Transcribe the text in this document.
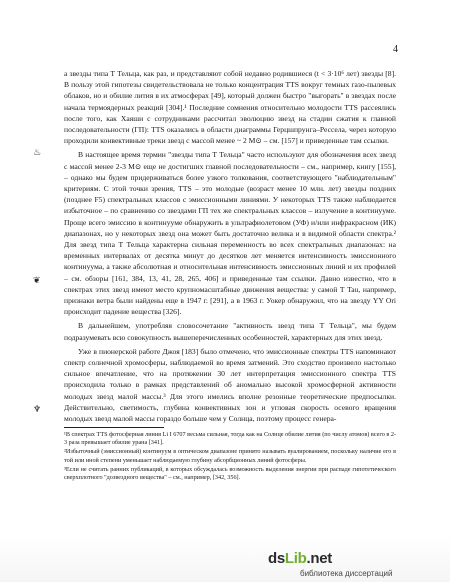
4
♨
❦
♆

а звезды типа Т Тельца, как раз, и представляют собой недавно родившиеся (t < 3·10⁶ лет) звезды [8]. В пользу этой гипотезы свидетельствовала не только концентрация TTS вокруг темных газо-пылевых облаков, но и обилие лития в их атмосферах [49], который должен быстро "выгорать" в звездах после начала термоядерных реакций [304].¹ Последние сомнения относительно молодости TTS рассеялись после того, как Хаяши с сотрудниками рассчитал эволюцию звезд на стадии сжатия к главной последовательности (ГП): TTS оказались в области диаграммы Герцшпрунга–Рессела, через которую проходили конвективные треки звезд с массой менее ~ 2 M⊙ – см. [157] и приведенные там ссылки.

В настоящее время термин "звезды типа Т Тельца" часто используют для обозначения всех звезд с массой менее 2-3 M⊙ еще не достигших главной последовательности – см., например, книгу [155], – однако мы будем придерживаться более узкого толкования, соответствующего "наблюдательным" критериям. С этой точки зрения, TTS – это молодые (возраст менее 10 млн. лет) звезды поздних (позднее F5) спектральных классов с эмиссионными линиями. У некоторых TTS также наблюдается избыточное – по сравнению со звездами ГП тех же спектральных классов – излучение в континууме. Проще всего эмиссию в континууме обнаружить в ультрафиолетовом (УФ) и/или инфракрасном (ИК) диапазонах, но у некоторых звезд она может быть достаточно велика и в видимой области спектра.² Для звезд типа Т Тельца характерна сильная переменность во всех спектральных диапазонах: на временных интервалах от десятка минут до десятков лет меняется интенсивность эмиссионного континуума, а также абсолютная и относительная интенсивность эмиссионных линий и их профилей – см. обзоры [161, 384, 13, 41, 28, 265, 406] и приведенные там ссылки. Давно известно, что в спектрах этих звезд имеют место крупномасштабные движения вещества: у самой Т Tau, например, признаки ветра были найдены еще в 1947 г. [291], а в 1963 г. Уокер обнаружил, что на звезду YY Ori происходит падение вещества [326].

В дальнейшем, употребляя словосочетание "активность звезд типа Т Тельца", мы будем подразумевать всю совокупность вышеперечисленных особенностей, характерных для этих звезд.

Уже в пионерской работе Джоя [183] было отмечено, что эмиссионные спектры TTS напоминают спектр солнечной хромосферы, наблюдаемой во время затмений. Это сходство произвело настолько сильное впечатление, что на протяжении 30 лет интерпретация эмиссионного спектра TTS происходила только в рамках представлений об аномально высокой хромосферной активности молодых звезд малой массы.³ Для этого имелись вполне резонные теоретические предпосылки. Действительно, светимость, глубина конвективных зон и угловая скорость осевого вращения молодых звезд малой массы гораздо больше чем у Солнца, поэтому процесс генера-

¹В спектрах TTS фотосферная линия Li I 6707 весьма сильная, тогда как на Солнце обилие лития (по числу атомов) всего в 2-3 раза превышает обилие урана [341].

²Избыточный (эмиссионный) континуум в оптическом диапазоне принято называть вуалированием, поскольку наличие его в той или иной степени уменьшает наблюдаемую глубину абсорбционных линий фотосферы.

³Если не считать ранних публикаций, в которых обсуждалась возможность выделения энергии при распаде гипотетического сверхплотного "дозвездного вещества" – см., например, [342, 356].

dsLib.net
библиотека диссертаций
